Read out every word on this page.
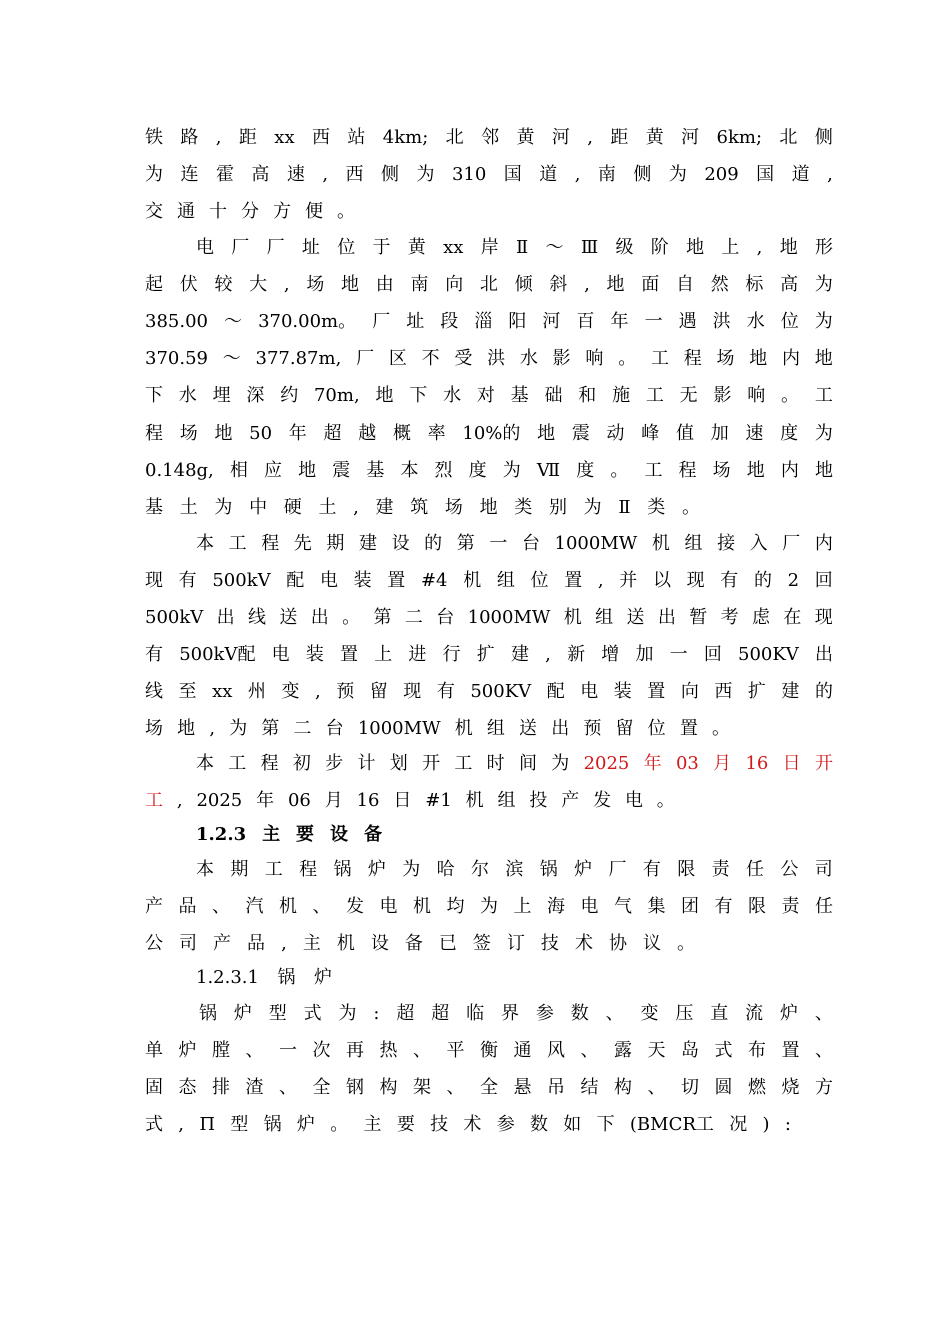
铁 路 , 距 xx 西 站 4km; 北 邻 黄 河 , 距 黄 河 6km; 北 侧
为 连 霍 高 速 , 西 侧 为 310 国 道 , 南 侧 为 209 国 道 ,
交 通 十 分 方 便 。
电 厂 厂 址 位 于 黄 xx 岸 Ⅱ ～ Ⅲ 级 阶 地 上 , 地 形
起 伏 较 大 , 场 地 由 南 向 北 倾 斜 , 地 面 自 然 标 高 为
385.00 ～ 370.00m。 厂 址 段 淄 阳 河 百 年 一 遇 洪 水 位 为
370.59 ～ 377.87m, 厂 区 不 受 洪 水 影 响 。 工 程 场 地 内 地
下 水 埋 深 约 70m, 地 下 水 对 基 础 和 施 工 无 影 响 。 工
程 场 地 50 年 超 越 概 率 10%的 地 震 动 峰 值 加 速 度 为
0.148g, 相 应 地 震 基 本 烈 度 为 Ⅶ 度 。 工 程 场 地 内 地
基 土 为 中 硬 土 , 建 筑 场 地 类 别 为 Ⅱ 类 。
本 工 程 先 期 建 设 的 第 一 台 1000MW 机 组 接 入 厂 内
现 有 500kV 配 电 装 置 #4 机 组 位 置 , 并 以 现 有 的 2 回
500kV 出 线 送 出 。 第 二 台 1000MW 机 组 送 出 暂 考 虑 在 现
有 500kV配 电 装 置 上 进 行 扩 建 , 新 增 加 一 回 500KV 出
线 至 xx 州 变 , 预 留 现 有 500KV 配 电 装 置 向 西 扩 建 的
场 地 , 为 第 二 台 1000MW 机 组 送 出 预 留 位 置 。
本 工 程 初 步 计 划 开 工 时 间 为 2025 年 03 月 16 日 开
工 , 2025 年 06 月 16 日 #1 机 组 投 产 发 电 。
1.2.3 主 要 设 备
本 期 工 程 锅 炉 为 哈 尔 滨 锅 炉 厂 有 限 责 任 公 司
产 品 、 汽 机 、 发 电 机 均 为 上 海 电 气 集 团 有 限 责 任
公 司 产 品 , 主 机 设 备 已 签 订 技 术 协 议 。
1.2.3.1 锅 炉
锅 炉 型 式 为 : 超 超 临 界 参 数 、 变 压 直 流 炉 、
单 炉 膛 、 一 次 再 热 、 平 衡 通 风 、 露 天 岛 式 布 置 、
固 态 排 渣 、 全 钢 构 架 、 全 悬 吊 结 构 、 切 圆 燃 烧 方
式 , П 型 锅 炉 。 主 要 技 术 参 数 如 下 (BMCR工 况 ) :
